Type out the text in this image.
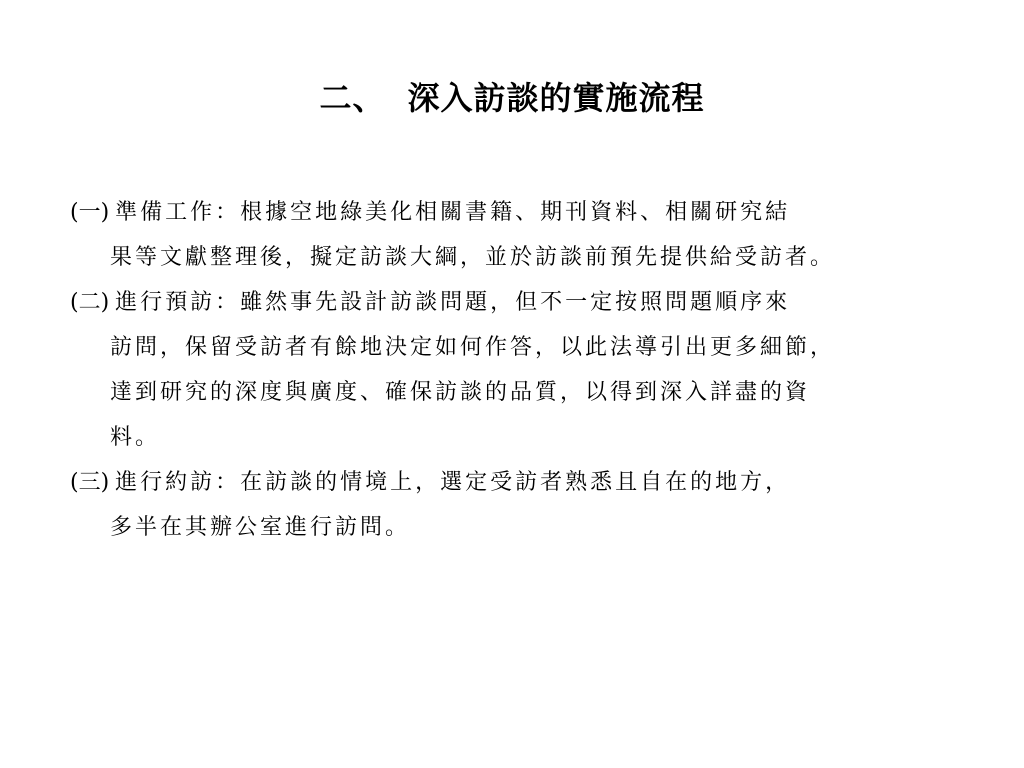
二、 深入訪談的實施流程
(一) 準備工作：根據空地綠美化相關書籍、期刊資料、相關研究結
果等文獻整理後，擬定訪談大綱，並於訪談前預先提供給受訪者。
(二) 進行預訪：雖然事先設計訪談問題，但不一定按照問題順序來
訪問，保留受訪者有餘地決定如何作答，以此法導引出更多細節，
達到研究的深度與廣度、確保訪談的品質，以得到深入詳盡的資
料。
(三) 進行約訪：在訪談的情境上，選定受訪者熟悉且自在的地方，
多半在其辦公室進行訪問。
